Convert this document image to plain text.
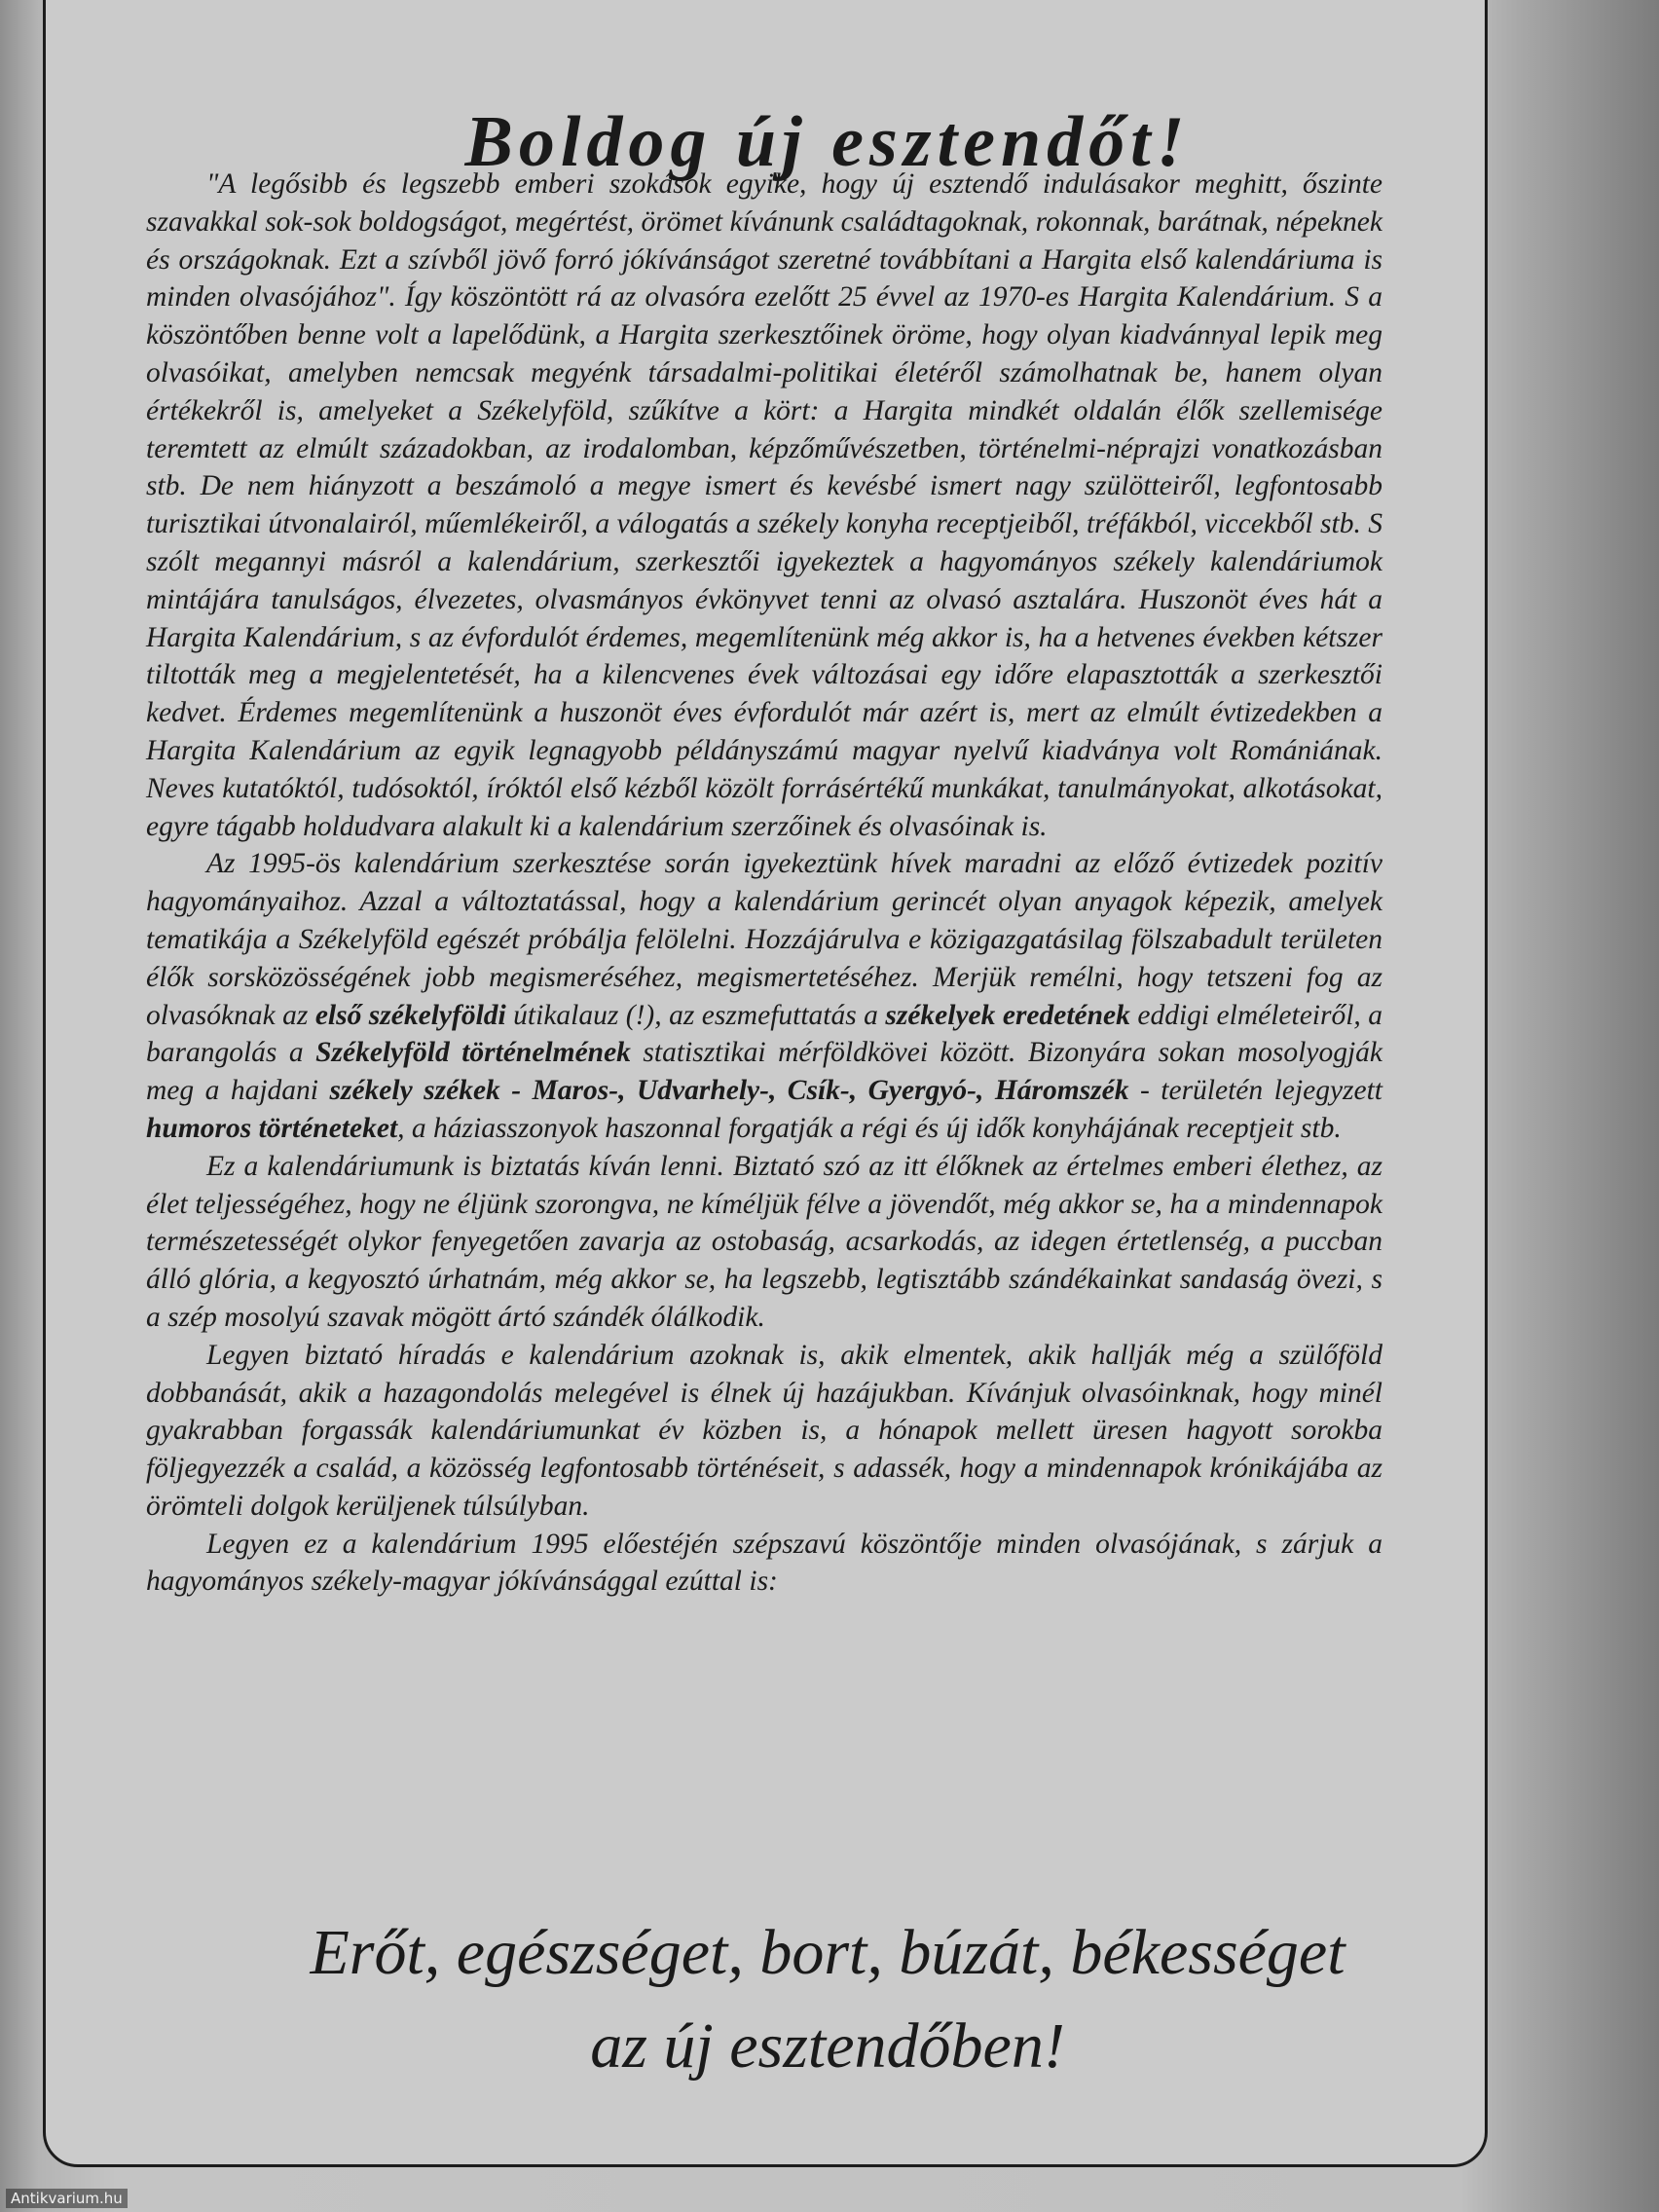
Boldog új esztendőt!

"A legősibb és legszebb emberi szokások egyike, hogy új esztendő indulásakor meghitt, őszinte szavakkal sok-sok boldogságot, megértést, örömet kívánunk családtagoknak, rokonnak, barátnak, népeknek és országoknak. Ezt a szívből jövő forró jókívánságot szeretné továbbítani a Hargita első kalendáriuma is minden olvasójához". Így köszöntött rá az olvasóra ezelőtt 25 évvel az 1970-es Hargita Kalendárium. S a köszöntőben benne volt a lapelődünk, a Hargita szerkesztőinek öröme, hogy olyan kiadvánnyal lepik meg olvasóikat, amelyben nemcsak megyénk társadalmi-politikai életéről számolhatnak be, hanem olyan értékekről is, amelyeket a Székelyföld, szűkítve a kört: a Hargita mindkét oldalán élők szellemisége teremtett az elmúlt századokban, az irodalomban, képzőművészetben, történelmi-néprajzi vonatkozásban stb. De nem hiányzott a beszámoló a megye ismert és kevésbé ismert nagy szülötteiről, legfontosabb turisztikai útvonalairól, műemlékeiről, a válogatás a székely konyha receptjeiből, tréfákból, viccekből stb. S szólt megannyi másról a kalendárium, szerkesztői igyekeztek a hagyományos székely kalendáriumok mintájára tanulságos, élvezetes, olvasmányos évkönyvet tenni az olvasó asztalára. Huszonöt éves hát a Hargita Kalendárium, s az évfordulót érdemes, megemlítenünk még akkor is, ha a hetvenes években kétszer tiltották meg a megjelentetését, ha a kilencvenes évek változásai egy időre elapasztották a szerkesztői kedvet. Érdemes megemlítenünk a huszonöt éves évfordulót már azért is, mert az elmúlt évtizedekben a Hargita Kalendárium az egyik legnagyobb példányszámú magyar nyelvű kiadványa volt Romániának. Neves kutatóktól, tudósoktól, íróktól első kézből közölt forrásértékű munkákat, tanulmányokat, alkotásokat, egyre tágabb holdudvara alakult ki a kalendárium szerzőinek és olvasóinak is.

Az 1995-ös kalendárium szerkesztése során igyekeztünk hívek maradni az előző évtizedek pozitív hagyományaihoz. Azzal a változtatással, hogy a kalendárium gerincét olyan anyagok képezik, amelyek tematikája a Székelyföld egészét próbálja felölelni. Hozzájárulva e közigazgatásilag fölszabadult területen élők sorsközösségének jobb megismeréséhez, megismertetéséhez. Merjük remélni, hogy tetszeni fog az olvasóknak az első székelyföldi útikalauz (!), az eszmefuttatás a székelyek eredetének eddigi elméleteiről, a barangolás a Székelyföld történelmének statisztikai mérföldkövei között. Bizonyára sokan mosolyogják meg a hajdani székely székek - Maros-, Udvarhely-, Csík-, Gyergyó-, Háromszék - területén lejegyzett humoros történeteket, a háziasszonyok haszonnal forgatják a régi és új idők konyhájának receptjeit stb.

Ez a kalendáriumunk is biztatás kíván lenni. Biztató szó az itt élőknek az értelmes emberi élethez, az élet teljességéhez, hogy ne éljünk szorongva, ne kíméljük félve a jövendőt, még akkor se, ha a mindennapok természetességét olykor fenyegetően zavarja az ostobaság, acsarkodás, az idegen értetlenség, a puccban álló glória, a kegyosztó úrhatnám, még akkor se, ha legszebb, legtisztább szándékainkat sandaság övezi, s a szép mosolyú szavak mögött ártó szándék ólálkodik.

Legyen biztató híradás e kalendárium azoknak is, akik elmentek, akik hallják még a szülőföld dobbanását, akik a hazagondolás melegével is élnek új hazájukban. Kívánjuk olvasóinknak, hogy minél gyakrabban forgassák kalendáriumunkat év közben is, a hónapok mellett üresen hagyott sorokba följegyezzék a család, a közösség legfontosabb történéseit, s adassék, hogy a mindennapok krónikájába az örömteli dolgok kerüljenek túlsúlyban.

Legyen ez a kalendárium 1995 előestéjén szépszavú köszöntője minden olvasójának, s zárjuk a hagyományos székely-magyar jókívánsággal ezúttal is:

Erőt, egészséget, bort, búzát, békességet
az új esztendőben!
Antikvarium.hu
